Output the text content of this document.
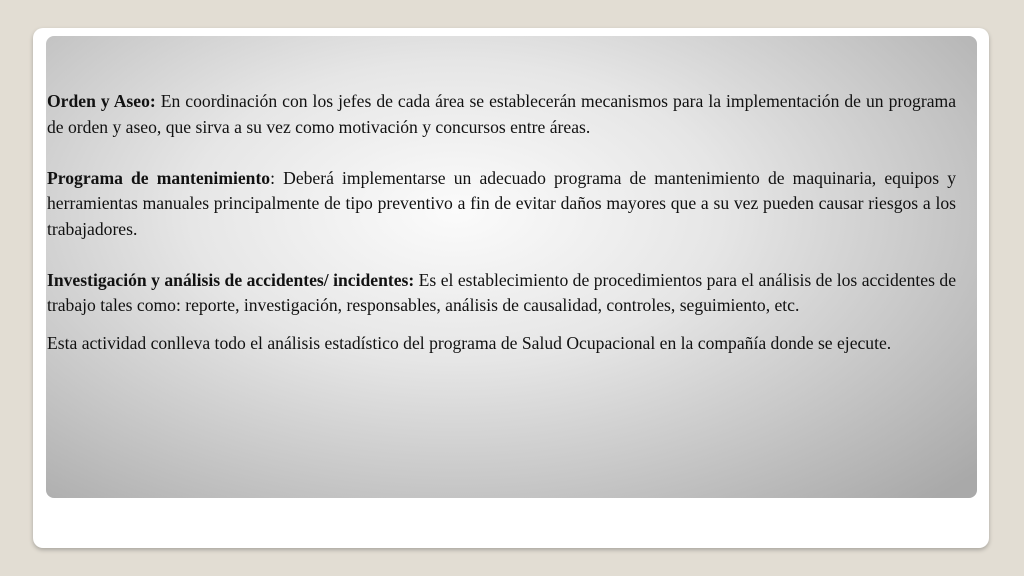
Orden y Aseo: En coordinación con los jefes de cada área se establecerán mecanismos para la implementación de un programa de orden y aseo, que sirva a su vez como motivación y concursos entre áreas.

Programa de mantenimiento: Deberá implementarse un adecuado programa de mantenimiento de maquinaria, equipos y herramientas manuales principalmente de tipo preventivo a fin de evitar daños mayores que a su vez pueden causar riesgos a los trabajadores.

Investigación y análisis de accidentes/ incidentes: Es el establecimiento de procedimientos para el análisis de los accidentes de trabajo tales como: reporte, investigación, responsables, análisis de causalidad, controles, seguimiento, etc.

Esta actividad conlleva todo el análisis estadístico del programa de Salud Ocupacional en la compañía donde se ejecute.
